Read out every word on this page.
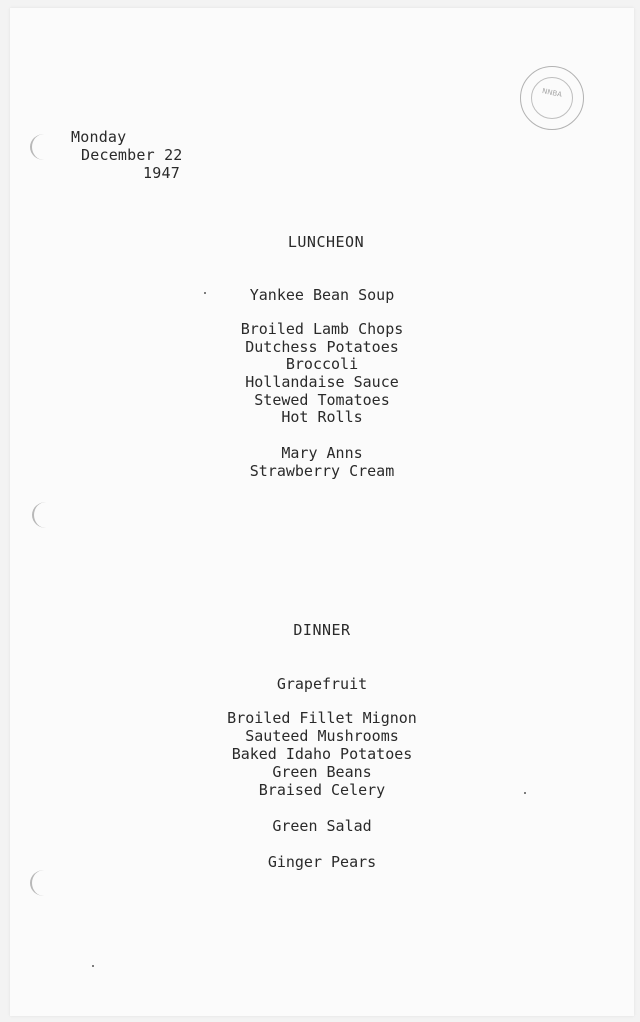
NNBA
Monday
December 22
1947
LUNCHEON
Yankee Bean Soup
Broiled Lamb Chops
Dutchess Potatoes
Broccoli
Hollandaise Sauce
Stewed Tomatoes
Hot Rolls
Mary Anns
Strawberry Cream
DINNER
Grapefruit
Broiled Fillet Mignon
Sauteed Mushrooms
Baked Idaho Potatoes
Green Beans
Braised Celery
Green Salad
Ginger Pears
